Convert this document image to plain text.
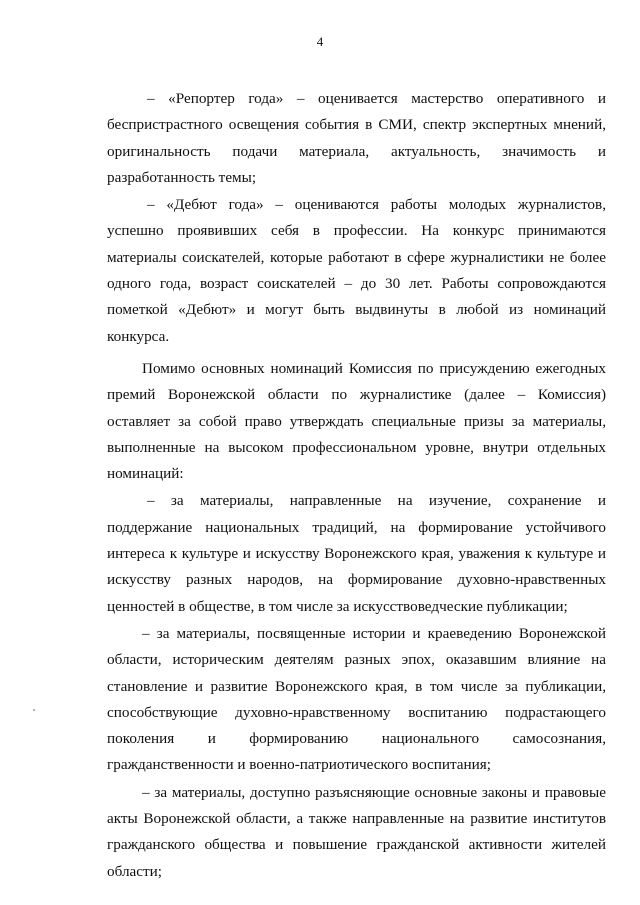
4

– «Репортер года» – оценивается мастерство оперативного и беспристрастного освещения события в СМИ, спектр экспертных мнений, оригинальность подачи материала, актуальность, значимость и разработанность темы;

– «Дебют года» – оцениваются работы молодых журналистов, успешно проявивших себя в профессии. На конкурс принимаются материалы соискателей, которые работают в сфере журналистики не более одного года, возраст соискателей – до 30 лет. Работы сопровождаются пометкой «Дебют» и могут быть выдвинуты в любой из номинаций конкурса.

Помимо основных номинаций Комиссия по присуждению ежегодных премий Воронежской области по журналистике (далее – Комиссия) оставляет за собой право утверждать специальные призы за материалы, выполненные на высоком профессиональном уровне, внутри отдельных номинаций:

– за материалы, направленные на изучение, сохранение и поддержание национальных традиций, на формирование устойчивого интереса к культуре и искусству Воронежского края, уважения к культуре и искусству разных народов, на формирование духовно-нравственных ценностей в обществе, в том числе за искусствоведческие публикации;

– за материалы, посвященные истории и краеведению Воронежской области, историческим деятелям разных эпох, оказавшим влияние на становление и развитие Воронежского края, в том числе за публикации, способствующие духовно-нравственному воспитанию подрастающего поколения и формированию национального самосознания, гражданственности и военно-патриотического воспитания;

– за материалы, доступно разъясняющие основные законы и правовые акты Воронежской области, а также направленные на развитие институтов гражданского общества и повышение гражданской активности жителей области;
